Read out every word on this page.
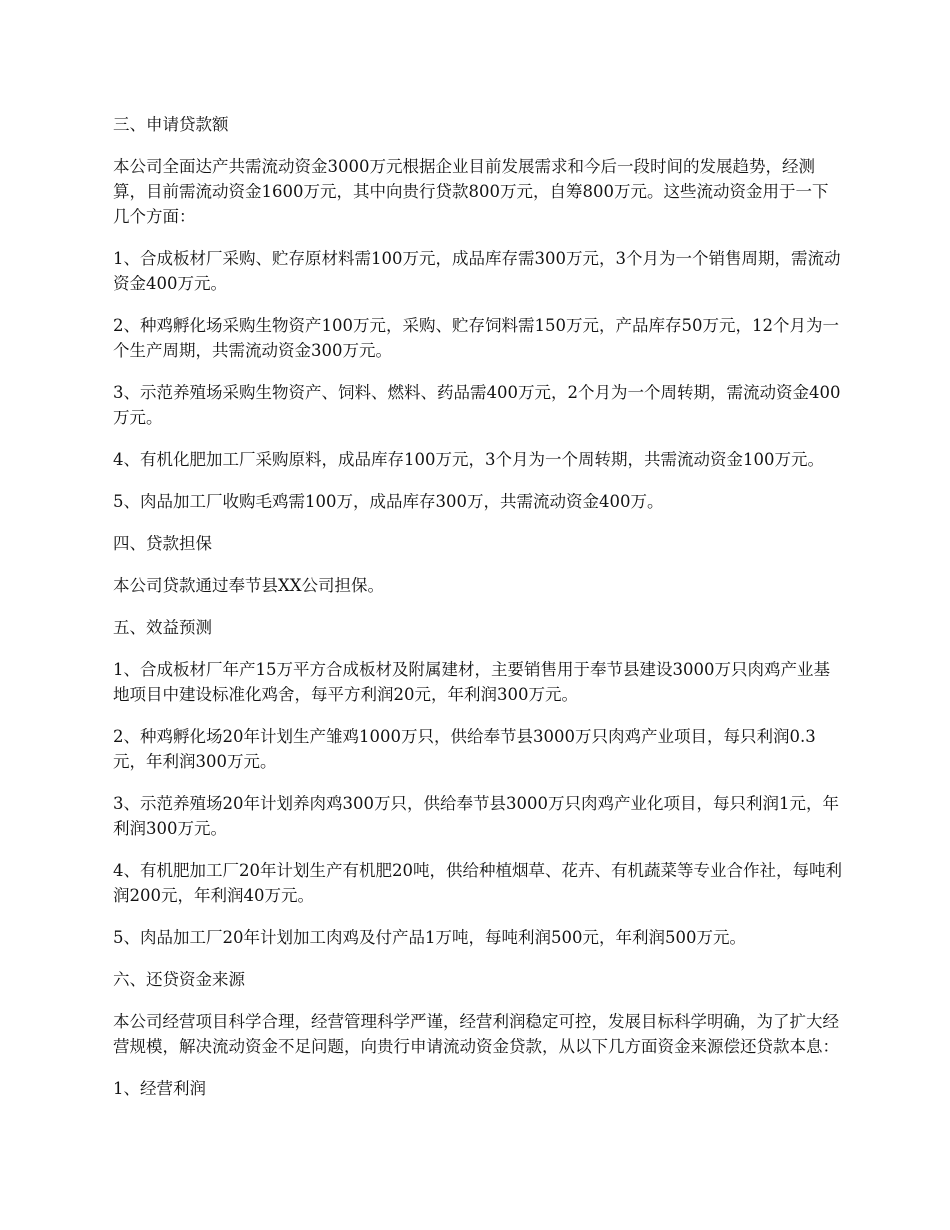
三、申请贷款额

本公司全面达产共需流动资金3000万元根据企业目前发展需求和今后一段时间的发展趋势，经测算，目前需流动资金1600万元，其中向贵行贷款800万元，自筹800万元。这些流动资金用于一下几个方面：

1、合成板材厂采购、贮存原材料需100万元，成品库存需300万元，3个月为一个销售周期，需流动资金400万元。

2、种鸡孵化场采购生物资产100万元，采购、贮存饲料需150万元，产品库存50万元，12个月为一个生产周期，共需流动资金300万元。

3、示范养殖场采购生物资产、饲料、燃料、药品需400万元，2个月为一个周转期，需流动资金400万元。

4、有机化肥加工厂采购原料，成品库存100万元，3个月为一个周转期，共需流动资金100万元。

5、肉品加工厂收购毛鸡需100万，成品库存300万，共需流动资金400万。

四、贷款担保

本公司贷款通过奉节县XX公司担保。

五、效益预测

1、合成板材厂年产15万平方合成板材及附属建材，主要销售用于奉节县建设3000万只肉鸡产业基地项目中建设标准化鸡舍，每平方利润20元，年利润300万元。

2、种鸡孵化场20年计划生产雏鸡1000万只，供给奉节县3000万只肉鸡产业项目，每只利润0.3元，年利润300万元。

3、示范养殖场20年计划养肉鸡300万只，供给奉节县3000万只肉鸡产业化项目，每只利润1元，年利润300万元。

4、有机肥加工厂20年计划生产有机肥20吨，供给种植烟草、花卉、有机蔬菜等专业合作社，每吨利润200元，年利润40万元。

5、肉品加工厂20年计划加工肉鸡及付产品1万吨，每吨利润500元，年利润500万元。

六、还贷资金来源

本公司经营项目科学合理，经营管理科学严谨，经营利润稳定可控，发展目标科学明确，为了扩大经营规模，解决流动资金不足问题，向贵行申请流动资金贷款，从以下几方面资金来源偿还贷款本息：

1、经营利润
